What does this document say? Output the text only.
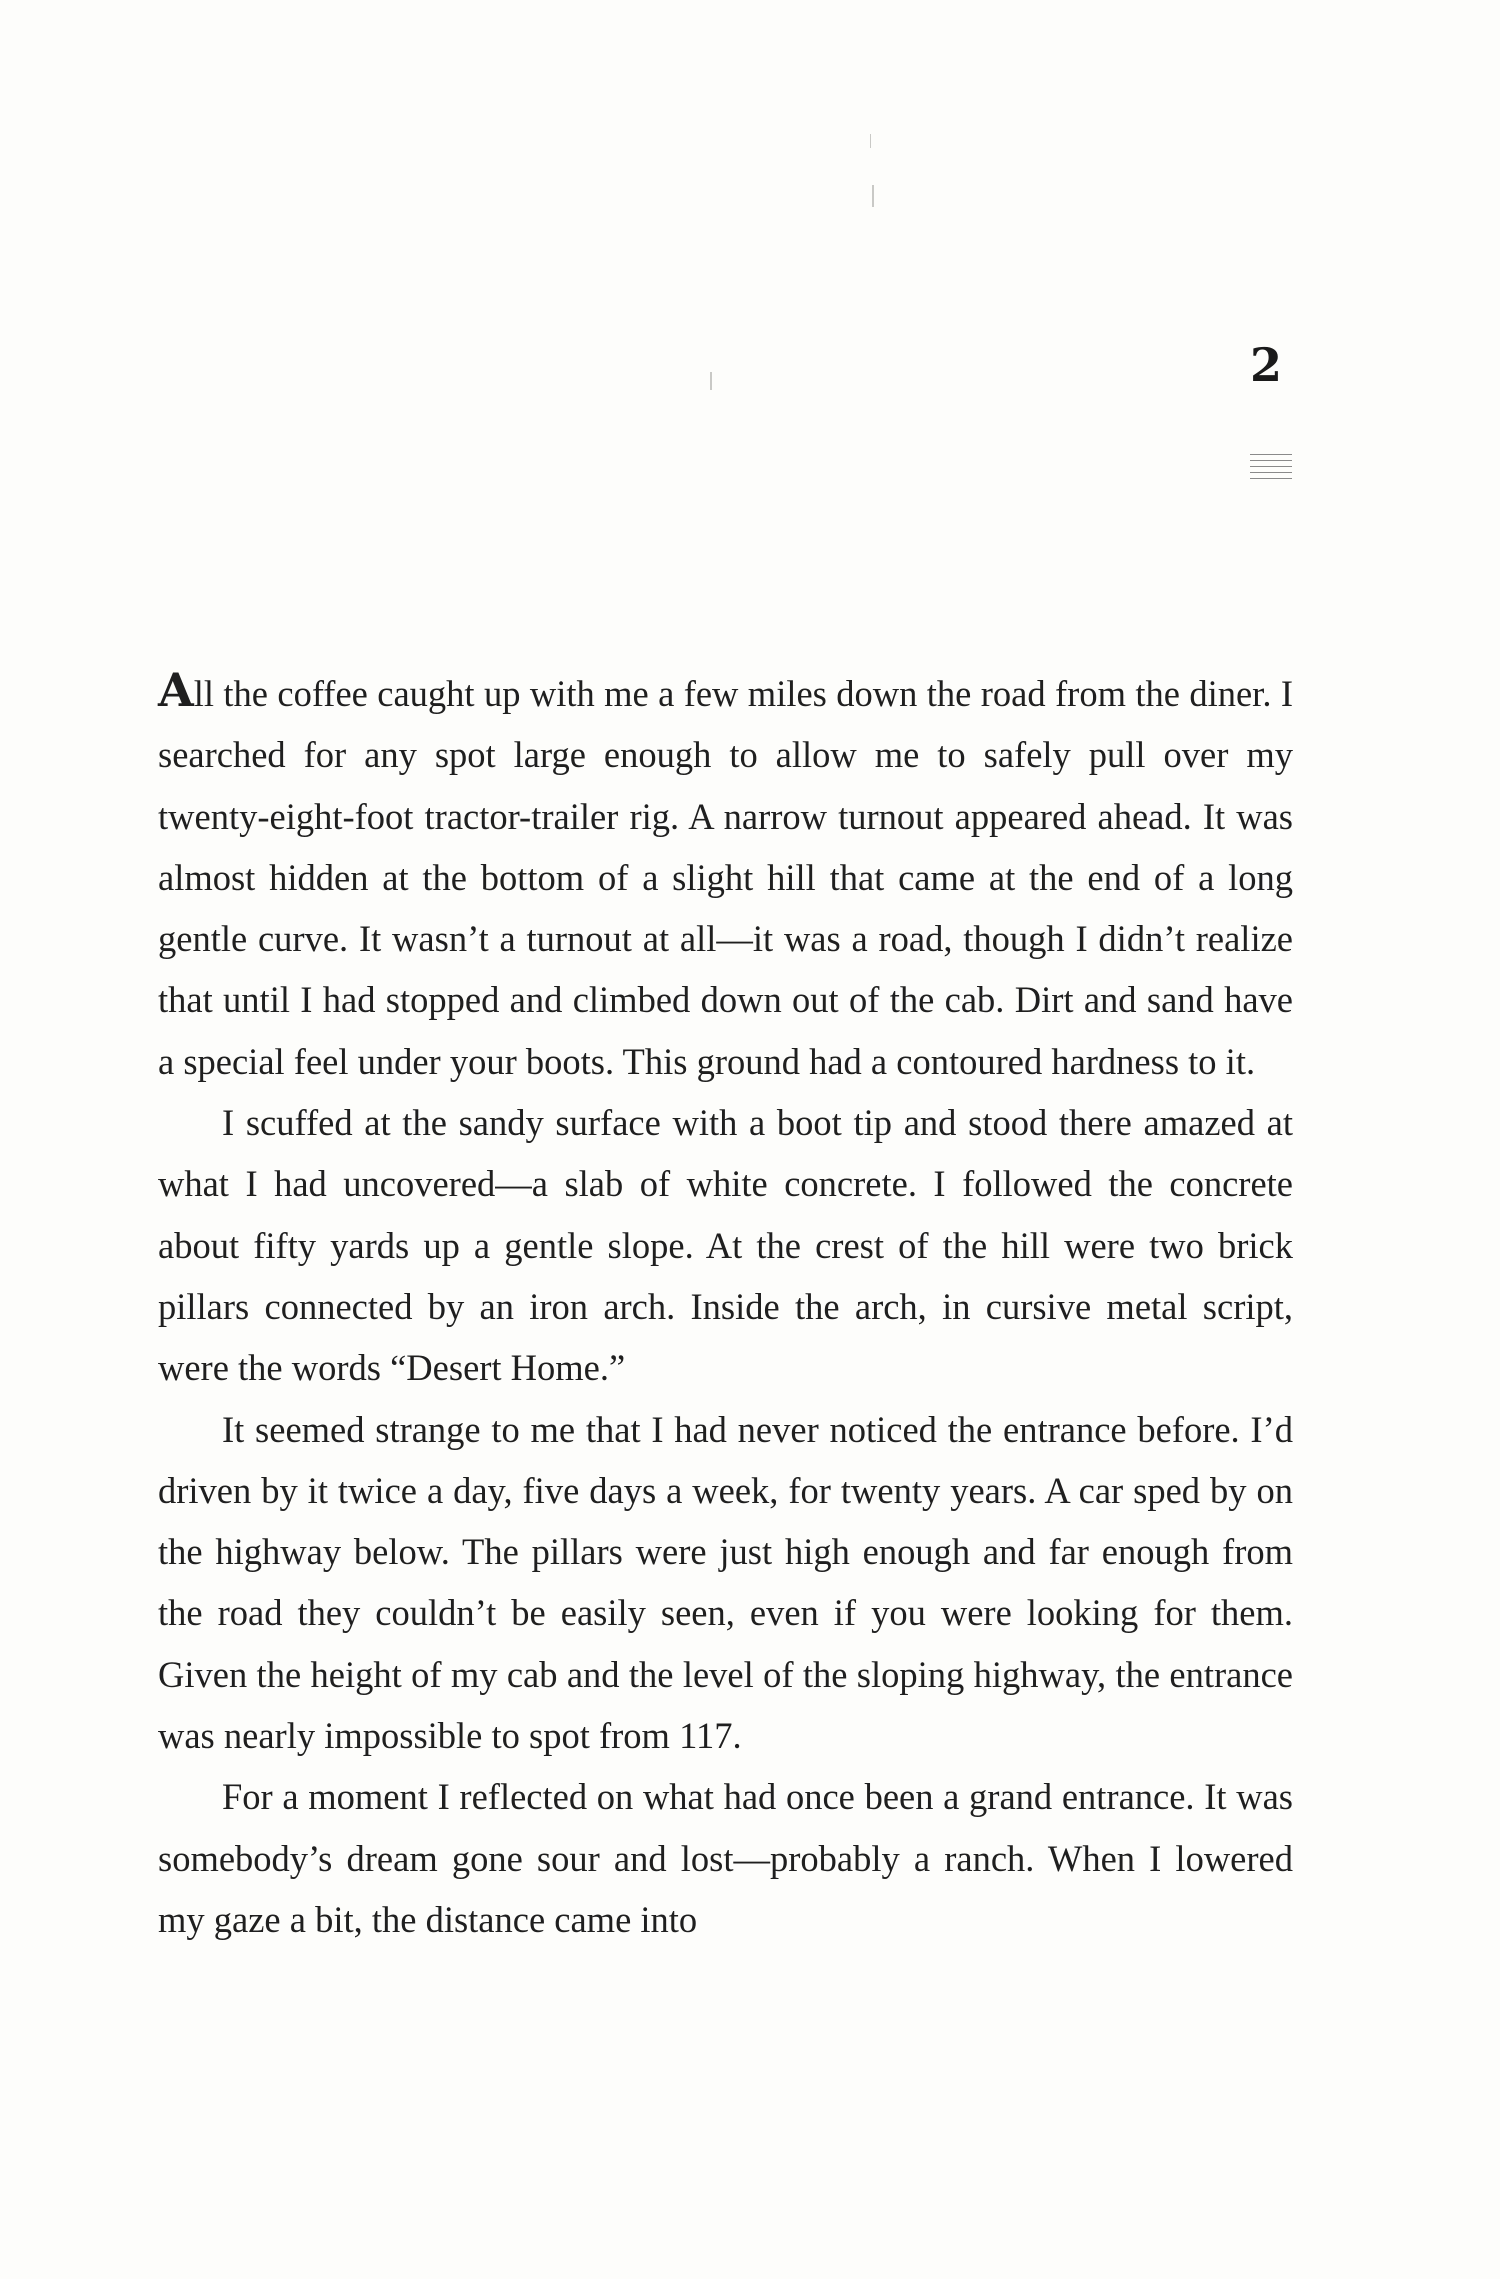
2

All the coffee caught up with me a few miles down the road from the diner. I searched for any spot large enough to allow me to safely pull over my twenty-eight-foot tractor-trailer rig. A narrow turnout appeared ahead. It was almost hidden at the bottom of a slight hill that came at the end of a long gentle curve. It wasn’t a turnout at all—it was a road, though I didn’t realize that until I had stopped and climbed down out of the cab. Dirt and sand have a special feel under your boots. This ground had a contoured hardness to it.

I scuffed at the sandy surface with a boot tip and stood there amazed at what I had uncovered—a slab of white concrete. I followed the concrete about fifty yards up a gentle slope. At the crest of the hill were two brick pillars connected by an iron arch. Inside the arch, in cursive metal script, were the words “Desert Home.”

It seemed strange to me that I had never noticed the entrance before. I’d driven by it twice a day, five days a week, for twenty years. A car sped by on the highway below. The pillars were just high enough and far enough from the road they couldn’t be easily seen, even if you were looking for them. Given the height of my cab and the level of the sloping highway, the entrance was nearly impossible to spot from 117.

For a moment I reflected on what had once been a grand entrance. It was somebody’s dream gone sour and lost—probably a ranch. When I lowered my gaze a bit, the distance came into
